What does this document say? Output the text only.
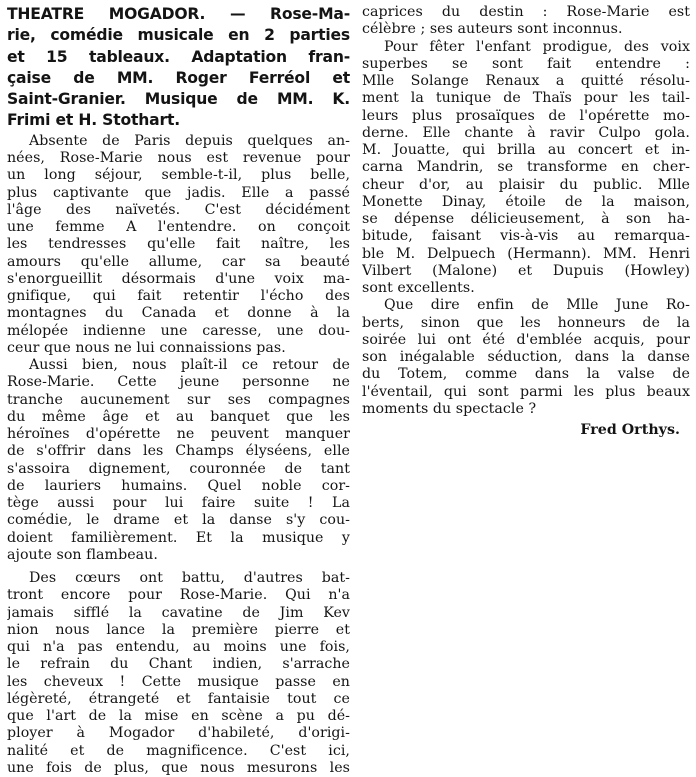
THEATRE MOGADOR. — Rose-Ma-
rie, comédie musicale en 2 parties
et 15 tableaux. Adaptation fran-
çaise de MM. Roger Ferréol et
Saint-Granier. Musique de MM. K.
Frimi et H. Stothart.
Absente de Paris depuis quelques an-
nées, Rose-Marie nous est revenue pour
un long séjour, semble-t-il, plus belle,
plus captivante que jadis. Elle a passé
l'âge des naïvetés. C'est décidément
une femme A l'entendre. on conçoit
les tendresses qu'elle fait naître, les
amours qu'elle allume, car sa beauté
s'enorgueillit désormais d'une voix ma-
gnifique, qui fait retentir l'écho des
montagnes du Canada et donne à la
mélopée indienne une caresse, une dou-
ceur que nous ne lui connaissions pas.
Aussi bien, nous plaît-il ce retour de
Rose-Marie. Cette jeune personne ne
tranche aucunement sur ses compagnes
du même âge et au banquet que les
héroïnes d'opérette ne peuvent manquer
de s'offrir dans les Champs élyséens, elle
s'assoira dignement, couronnée de tant
de lauriers humains. Quel noble cor-
tège aussi pour lui faire suite ! La
comédie, le drame et la danse s'y cou-
doient familièrement. Et la musique y
ajoute son flambeau.
Des cœurs ont battu, d'autres bat-
tront encore pour Rose-Marie. Qui n'a
jamais sifflé la cavatine de Jim Kev
nion nous lance la première pierre et
qui n'a pas entendu, au moins une fois,
le refrain du Chant indien, s'arrache
les cheveux ! Cette musique passe en
légèreté, étrangeté et fantaisie tout ce
que l'art de la mise en scène a pu dé-
ployer à Mogador d'habileté, d'origi-
nalité et de magnificence. C'est ici,
une fois de plus, que nous mesurons les
caprices du destin : Rose-Marie est
célèbre ; ses auteurs sont inconnus.
Pour fêter l'enfant prodigue, des voix
superbes se sont fait entendre :
Mlle Solange Renaux a quitté résolu-
ment la tunique de Thaïs pour les tail-
leurs plus prosaïques de l'opérette mo-
derne. Elle chante à ravir Culpo gola.
M. Jouatte, qui brilla au concert et in-
carna Mandrin, se transforme en cher-
cheur d'or, au plaisir du public. Mlle
Monette Dinay, étoile de la maison,
se dépense délicieusement, à son ha-
bitude, faisant vis-à-vis au remarqua-
ble M. Delpuech (Hermann). MM. Henri
Vilbert (Malone) et Dupuis (Howley)
sont excellents.
Que dire enfin de Mlle June Ro-
berts, sinon que les honneurs de la
soirée lui ont été d'emblée acquis, pour
son inégalable séduction, dans la danse
du Totem, comme dans la valse de
l'éventail, qui sont parmi les plus beaux
moments du spectacle ?
Fred Orthys.
